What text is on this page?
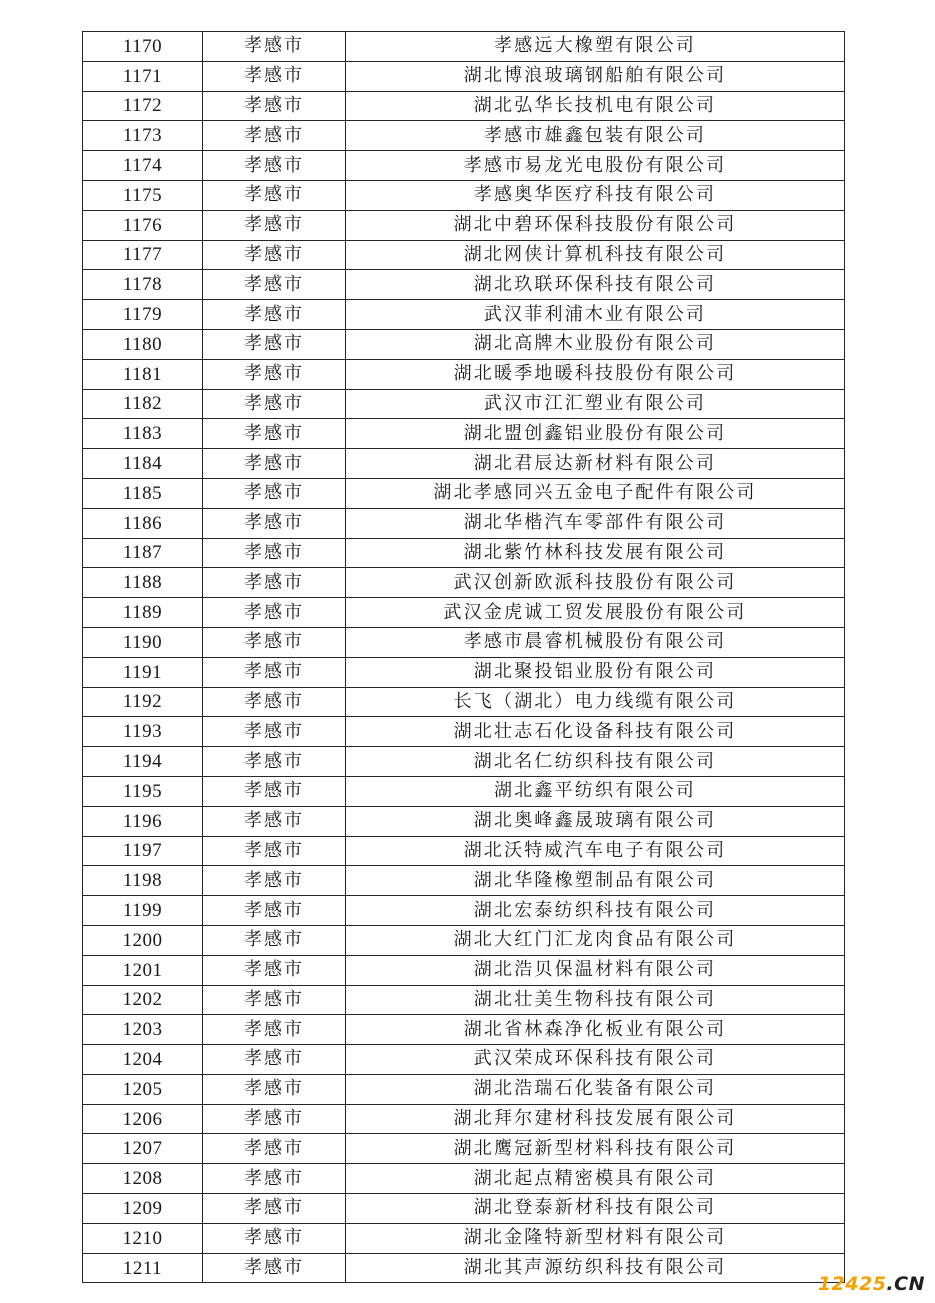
1170	孝感市	孝感远大橡塑有限公司
1171	孝感市	湖北博浪玻璃钢船舶有限公司
1172	孝感市	湖北弘华长技机电有限公司
1173	孝感市	孝感市雄鑫包装有限公司
1174	孝感市	孝感市易龙光电股份有限公司
1175	孝感市	孝感奥华医疗科技有限公司
1176	孝感市	湖北中碧环保科技股份有限公司
1177	孝感市	湖北网侠计算机科技有限公司
1178	孝感市	湖北玖联环保科技有限公司
1179	孝感市	武汉菲利浦木业有限公司
1180	孝感市	湖北高牌木业股份有限公司
1181	孝感市	湖北暖季地暖科技股份有限公司
1182	孝感市	武汉市江汇塑业有限公司
1183	孝感市	湖北盟创鑫铝业股份有限公司
1184	孝感市	湖北君辰达新材料有限公司
1185	孝感市	湖北孝感同兴五金电子配件有限公司
1186	孝感市	湖北华楷汽车零部件有限公司
1187	孝感市	湖北紫竹林科技发展有限公司
1188	孝感市	武汉创新欧派科技股份有限公司
1189	孝感市	武汉金虎诚工贸发展股份有限公司
1190	孝感市	孝感市晨睿机械股份有限公司
1191	孝感市	湖北聚投铝业股份有限公司
1192	孝感市	长飞（湖北）电力线缆有限公司
1193	孝感市	湖北壮志石化设备科技有限公司
1194	孝感市	湖北名仁纺织科技有限公司
1195	孝感市	湖北鑫平纺织有限公司
1196	孝感市	湖北奥峰鑫晟玻璃有限公司
1197	孝感市	湖北沃特威汽车电子有限公司
1198	孝感市	湖北华隆橡塑制品有限公司
1199	孝感市	湖北宏泰纺织科技有限公司
1200	孝感市	湖北大红门汇龙肉食品有限公司
1201	孝感市	湖北浩贝保温材料有限公司
1202	孝感市	湖北壮美生物科技有限公司
1203	孝感市	湖北省林森净化板业有限公司
1204	孝感市	武汉荣成环保科技有限公司
1205	孝感市	湖北浩瑞石化装备有限公司
1206	孝感市	湖北拜尔建材科技发展有限公司
1207	孝感市	湖北鹰冠新型材料科技有限公司
1208	孝感市	湖北起点精密模具有限公司
1209	孝感市	湖北登泰新材科技有限公司
1210	孝感市	湖北金隆特新型材料有限公司
1211	孝感市	湖北其声源纺织科技有限公司
12425.CN
